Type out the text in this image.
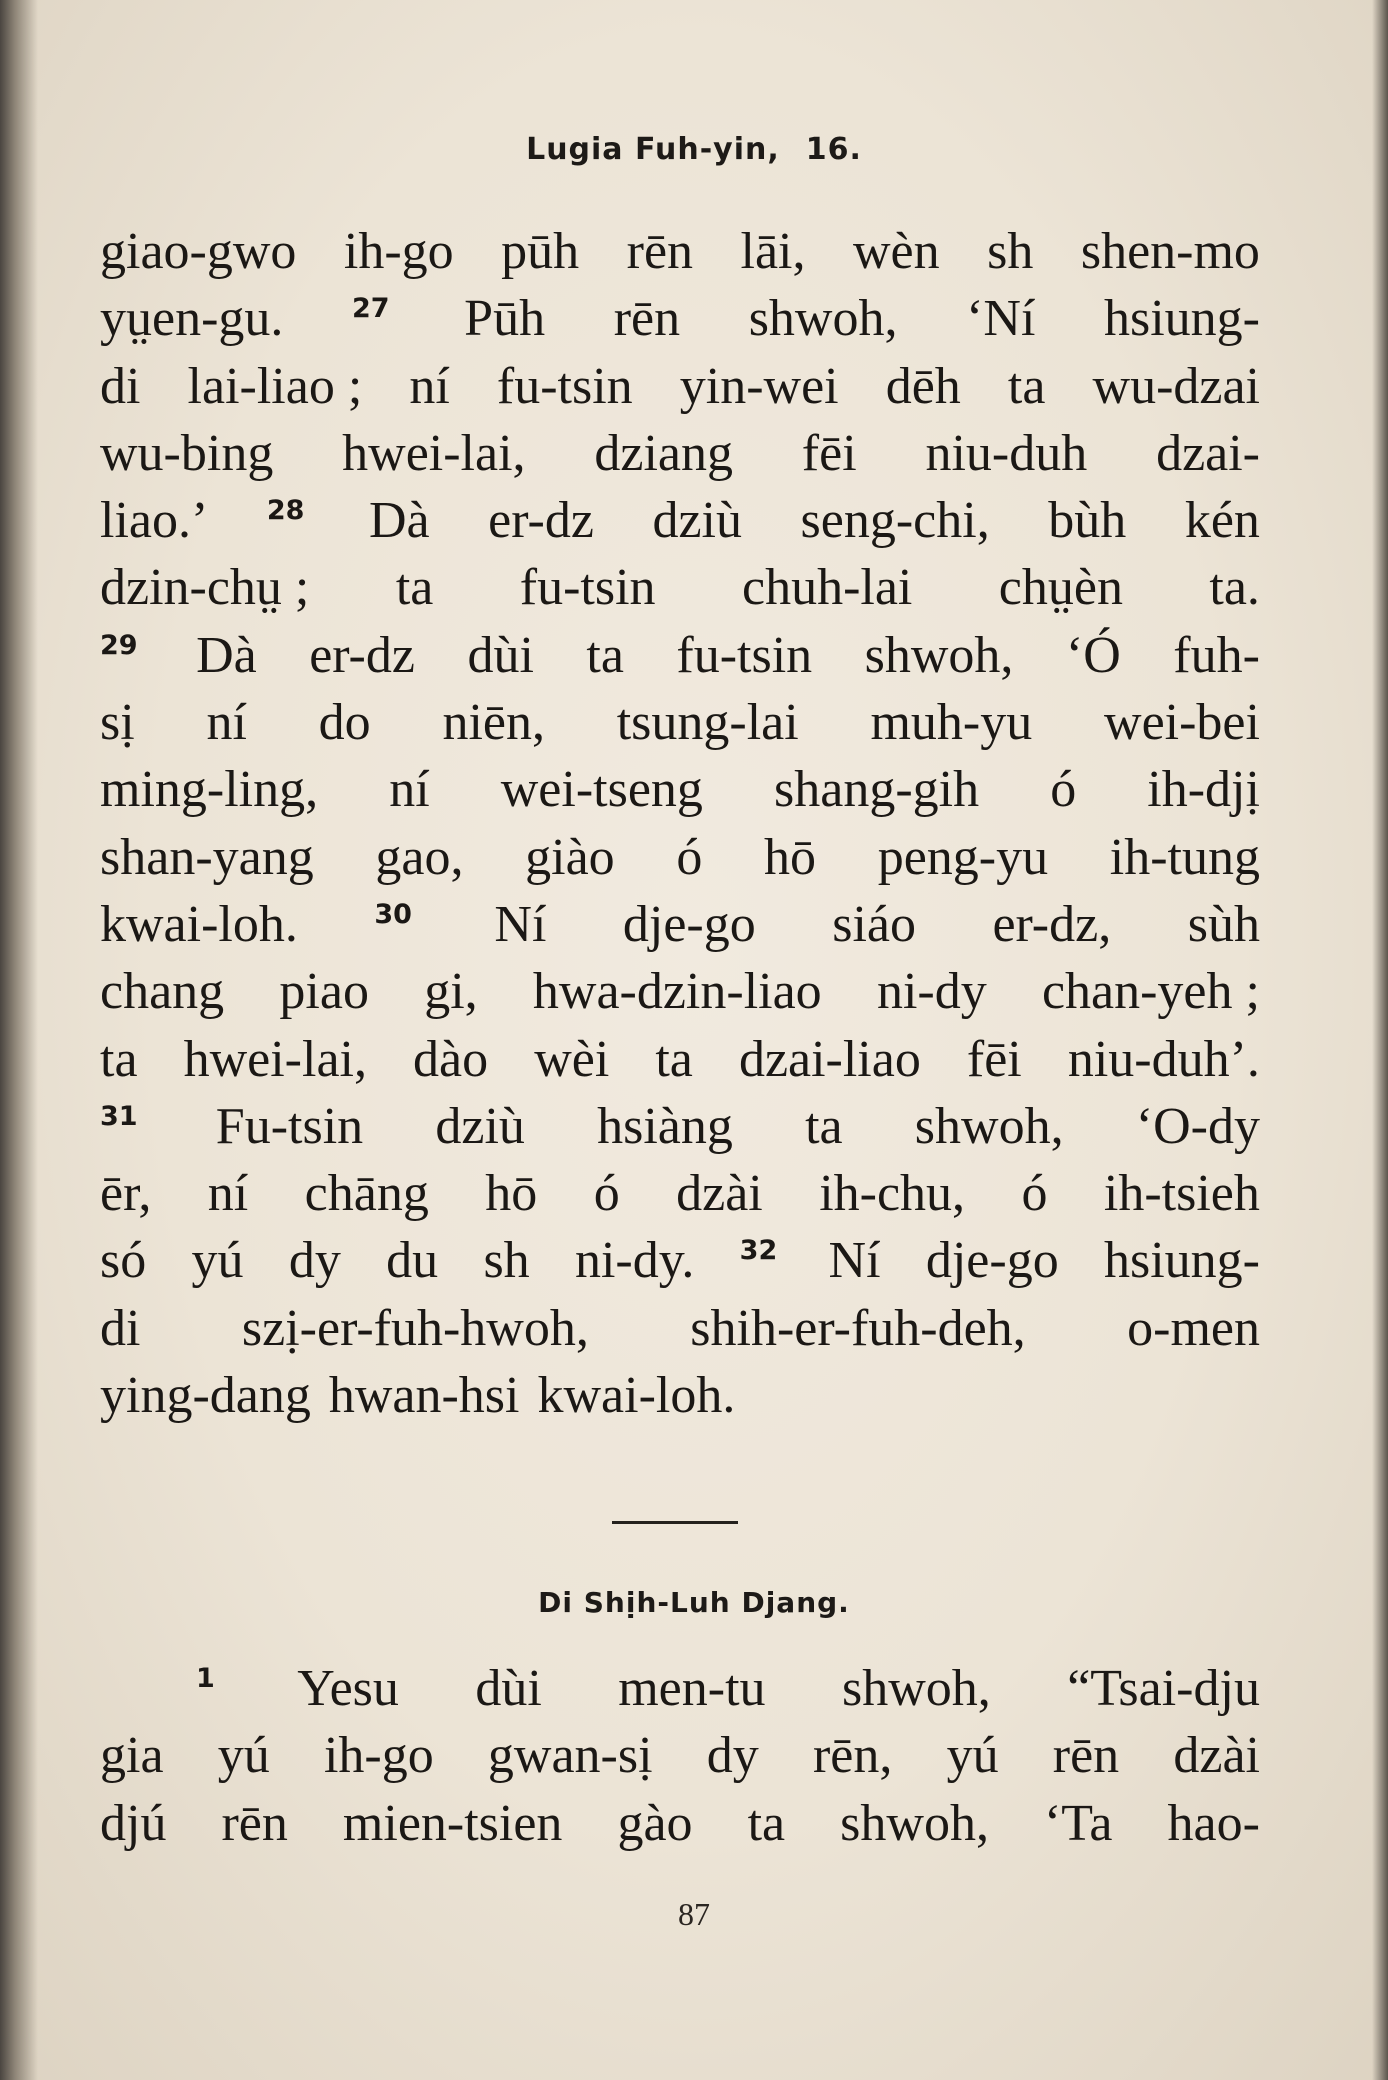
Lugia Fuh-yin, 16.
giao-gwo ih-go pūh rēn lāi, wèn sh shen-mo
yṳen-gu.	27 Pūh rēn shwoh, ‘Ní hsiung-
di lai-liao ; ní fu-tsin yin-wei dēh ta wu-dzai
wu-bing hwei-lai, dziang fēi niu-duh dzai-
liao.’ 28 Dà er-dz dziù seng-chi, bùh kén
dzin-chṳ ; ta fu-tsin chuh-lai chṳèn ta.
29 Dà er-dz dùi ta fu-tsin shwoh, ‘Ó fuh-
sị ní do niēn, tsung-lai muh-yu wei-bei
ming-ling, ní wei-tseng shang-gih ó ih-djị
shan-yang gao, giào ó hō peng-yu ih-tung
kwai-loh.	30 Ní dje-go siáo er-dz, sùh
chang piao gi, hwa-dzin-liao ni-dy chan-yeh ;
ta hwei-lai, dào wèi ta dzai-liao fēi niu-duh’.
31 Fu-tsin dziù hsiàng ta shwoh, ‘O-dy
ēr, ní chāng hō ó dzài ih-chu, ó ih-tsieh
só yú dy du sh ni-dy. 32 Ní dje-go hsiung-
di szị-er-fuh-hwoh, shih-er-fuh-deh, o-men
ying-dang hwan-hsi kwai-loh.
Di Shịh-Luh Djang.
1 Yesu dùi men-tu shwoh, “Tsai-dju
gia yú ih-go gwan-sị dy rēn, yú rēn dzài
djú rēn mien-tsien gào ta shwoh, ‘Ta hao-
87
